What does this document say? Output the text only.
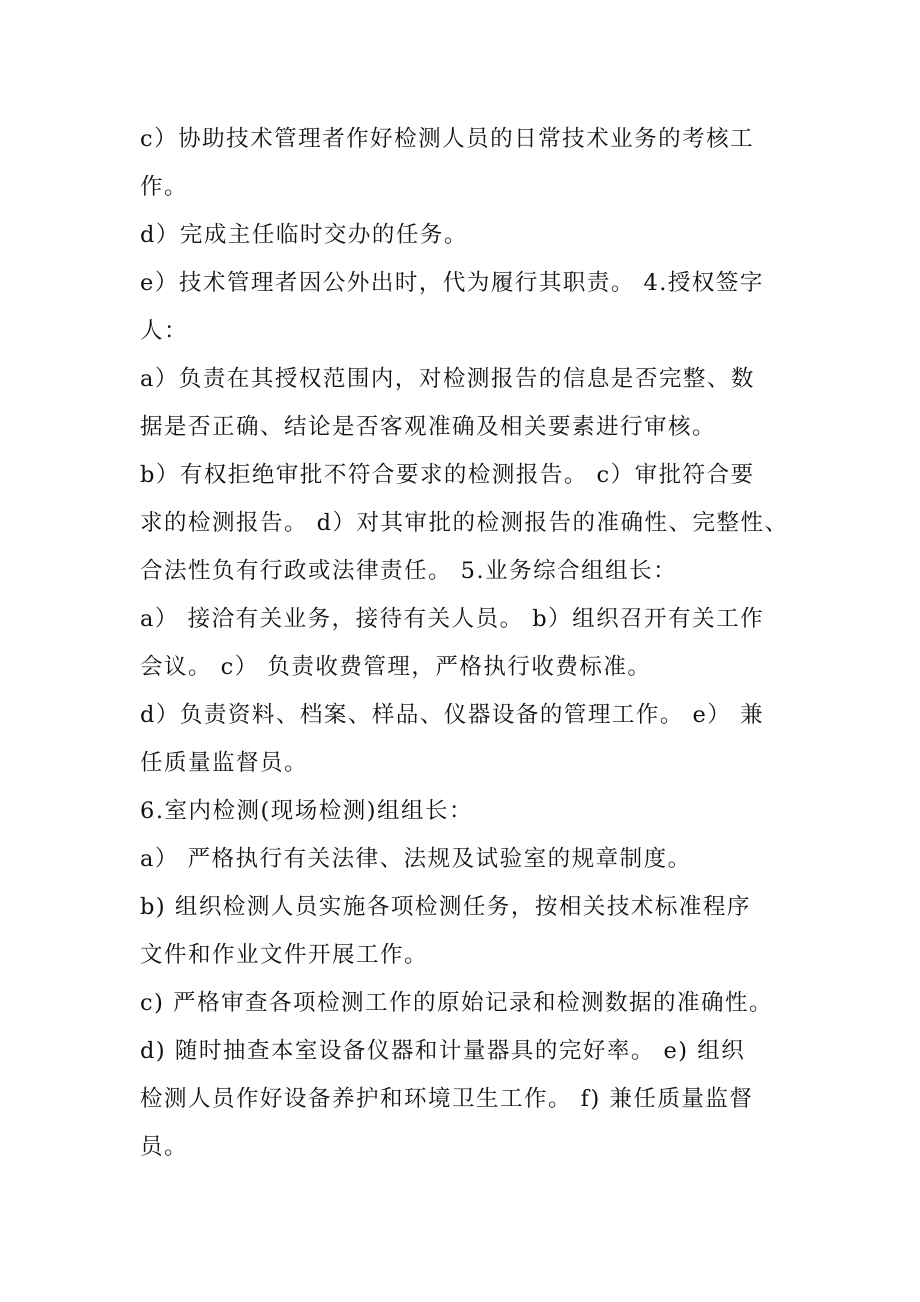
c）协助技术管理者作好检测人员的日常技术业务的考核工
作。
d）完成主任临时交办的任务。
e）技术管理者因公外出时，代为履行其职责。 4.授权签字
人：
a）负责在其授权范围内，对检测报告的信息是否完整、数
据是否正确、结论是否客观准确及相关要素进行审核。
b）有权拒绝审批不符合要求的检测报告。 c）审批符合要
求的检测报告。 d）对其审批的检测报告的准确性、完整性、
合法性负有行政或法律责任。 5.业务综合组组长：
a） 接洽有关业务，接待有关人员。 b）组织召开有关工作
会议。 c） 负责收费管理，严格执行收费标准。
d）负责资料、档案、样品、仪器设备的管理工作。 e） 兼
任质量监督员。
6.室内检测(现场检测)组组长：
a） 严格执行有关法律、法规及试验室的规章制度。
b) 组织检测人员实施各项检测任务，按相关技术标准程序
文件和作业文件开展工作。
c) 严格审查各项检测工作的原始记录和检测数据的准确性。
d) 随时抽查本室设备仪器和计量器具的完好率。 e) 组织
检测人员作好设备养护和环境卫生工作。 f) 兼任质量监督
员。
